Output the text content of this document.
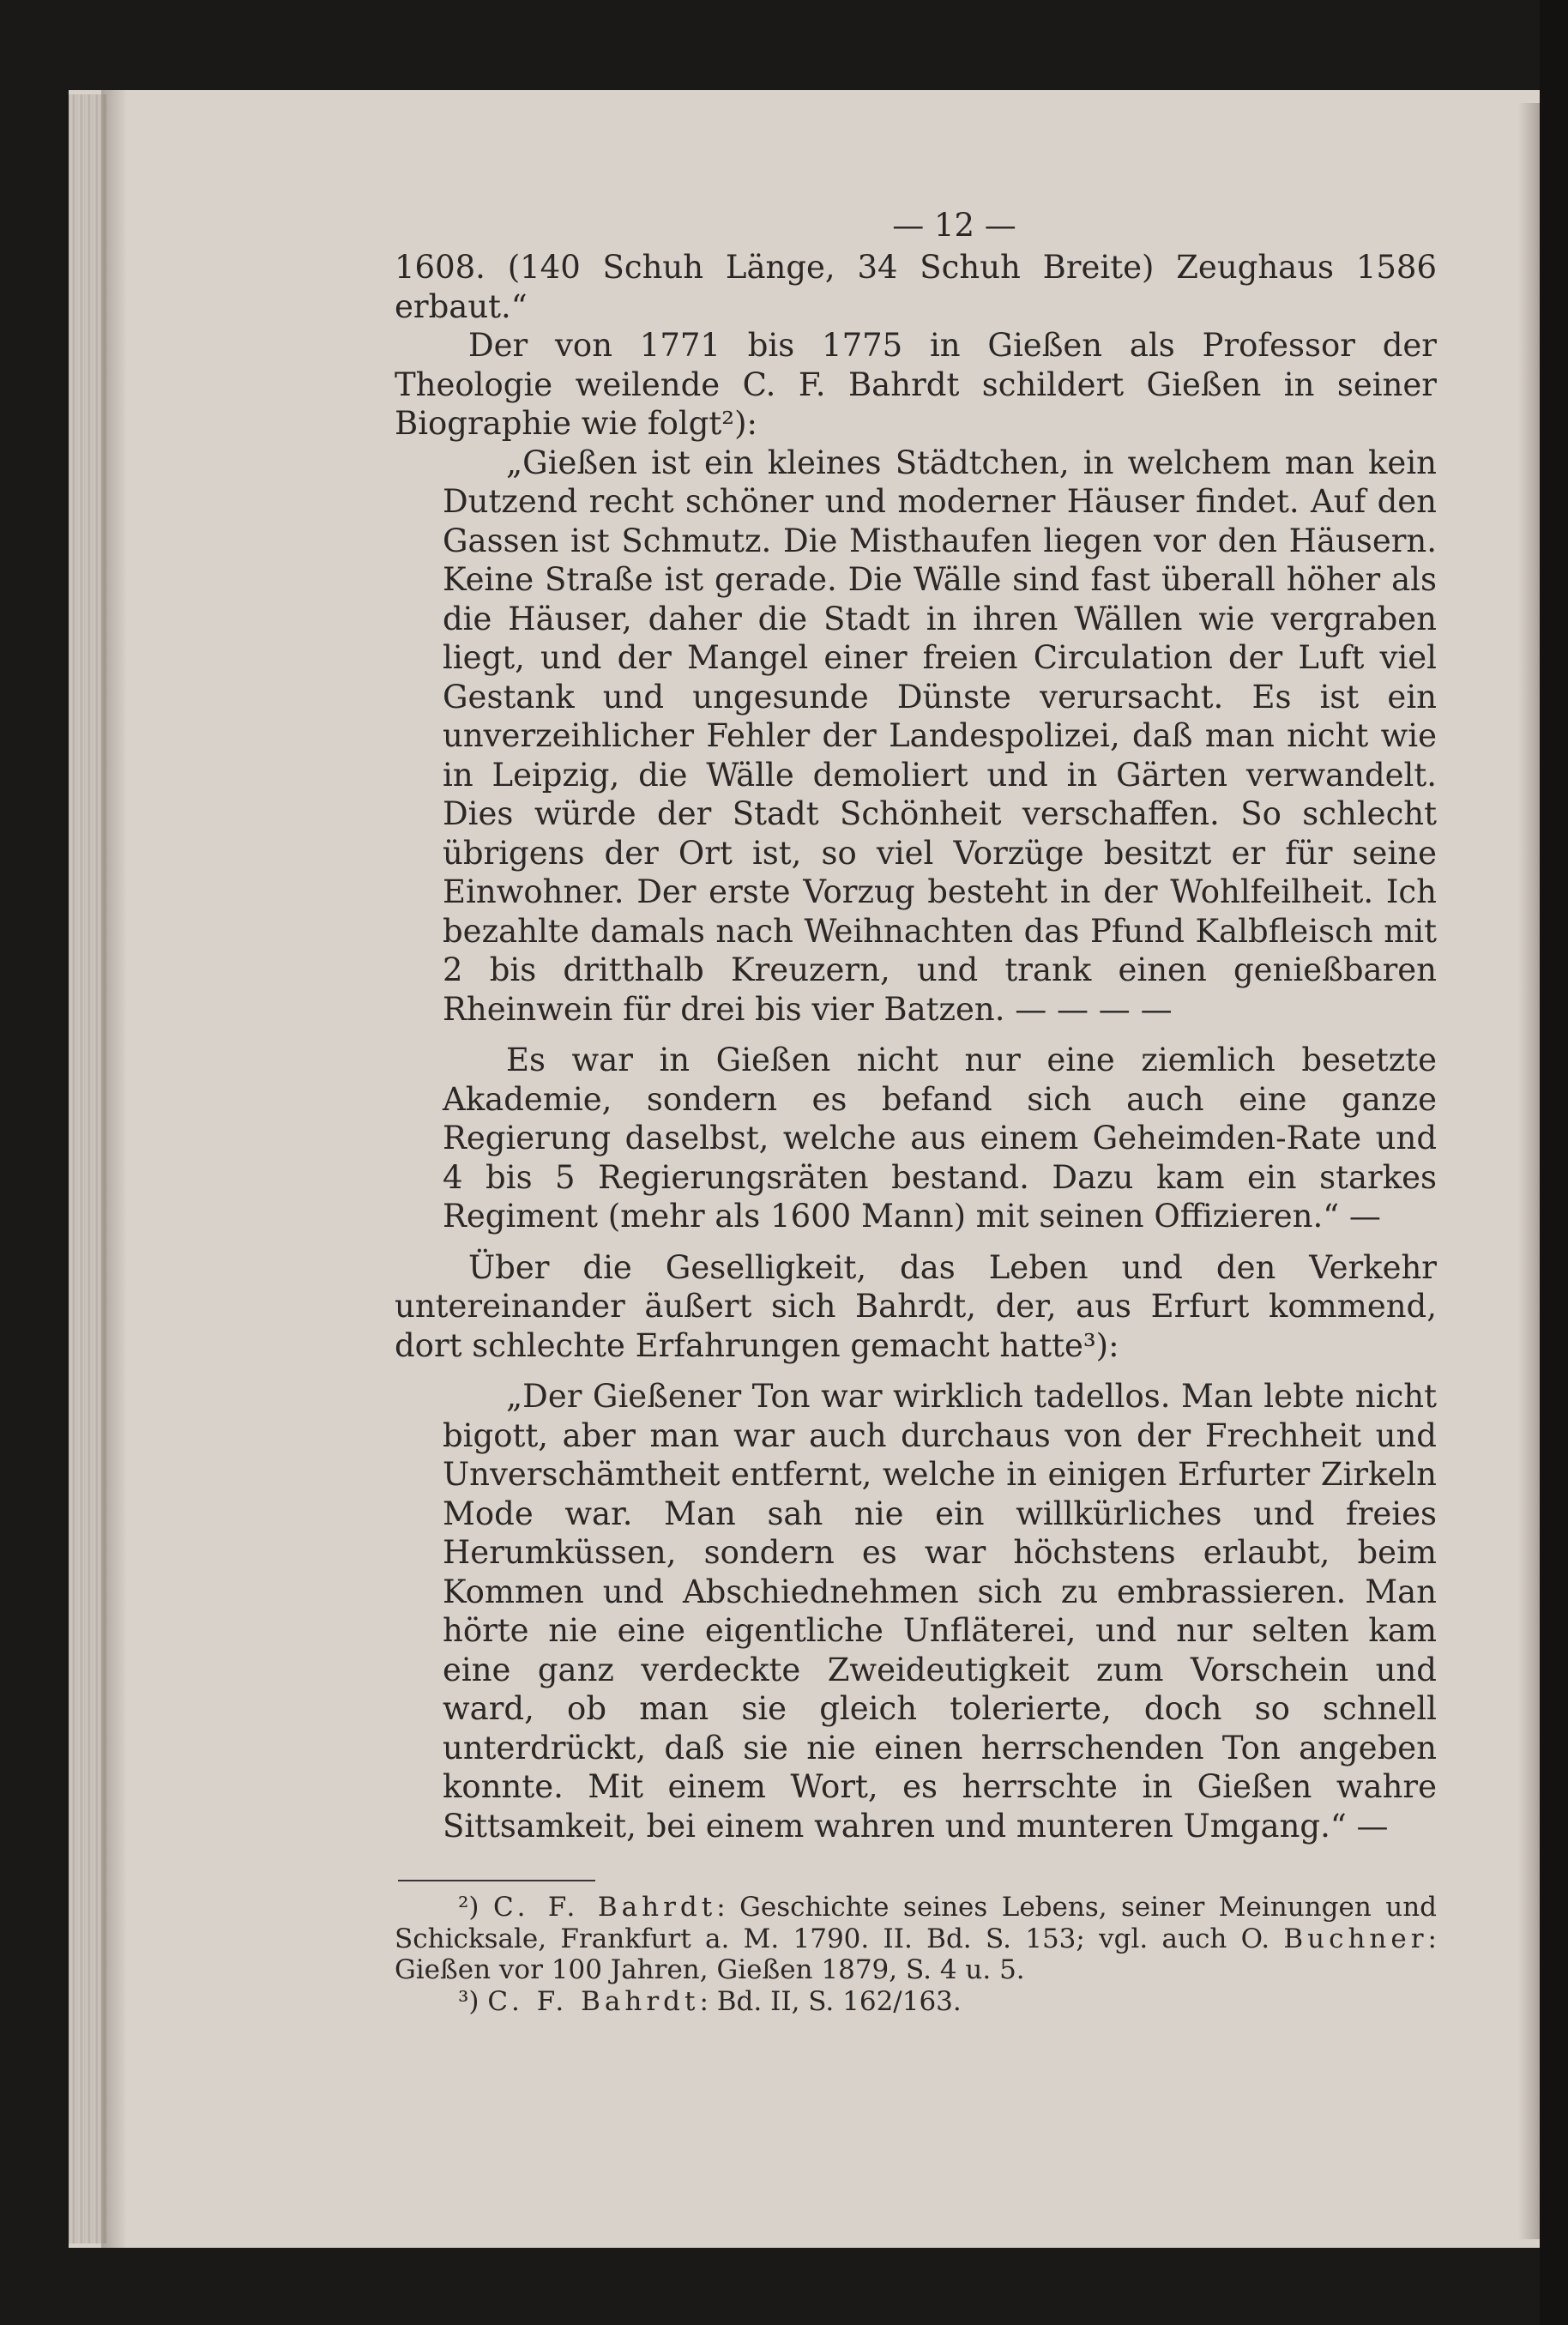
— 12 —

1608. (140 Schuh Länge, 34 Schuh Breite) Zeughaus 1586 erbaut.“

Der von 1771 bis 1775 in Gießen als Professor der Theologie weilende C. F. Bahrdt schildert Gießen in seiner Biographie wie folgt²):

„Gießen ist ein kleines Städtchen, in welchem man kein Dutzend recht schöner und moderner Häuser findet. Auf den Gassen ist Schmutz. Die Misthaufen liegen vor den Häusern. Keine Straße ist gerade. Die Wälle sind fast überall höher als die Häuser, daher die Stadt in ihren Wällen wie vergraben liegt, und der Mangel einer freien Circulation der Luft viel Gestank und ungesunde Dünste verursacht. Es ist ein unverzeihlicher Fehler der Landespolizei, daß man nicht wie in Leipzig, die Wälle demoliert und in Gärten verwandelt. Dies würde der Stadt Schönheit verschaffen. So schlecht übrigens der Ort ist, so viel Vorzüge besitzt er für seine Einwohner. Der erste Vorzug besteht in der Wohlfeilheit. Ich bezahlte damals nach Weihnachten das Pfund Kalbfleisch mit 2 bis dritthalb Kreuzern, und trank einen genießbaren Rheinwein für drei bis vier Batzen. — — — —

Es war in Gießen nicht nur eine ziemlich besetzte Akademie, sondern es befand sich auch eine ganze Regierung daselbst, welche aus einem Geheimden-Rate und 4 bis 5 Regierungsräten bestand. Dazu kam ein starkes Regiment (mehr als 1600 Mann) mit seinen Offizieren.“ —

Über die Geselligkeit, das Leben und den Verkehr untereinander äußert sich Bahrdt, der, aus Erfurt kommend, dort schlechte Erfahrungen gemacht hatte³):

„Der Gießener Ton war wirklich tadellos. Man lebte nicht bigott, aber man war auch durchaus von der Frechheit und Unverschämtheit entfernt, welche in einigen Erfurter Zirkeln Mode war. Man sah nie ein willkürliches und freies Herumküssen, sondern es war höchstens erlaubt, beim Kommen und Abschiednehmen sich zu embrassieren. Man hörte nie eine eigentliche Unfläterei, und nur selten kam eine ganz verdeckte Zweideutigkeit zum Vorschein und ward, ob man sie gleich tolerierte, doch so schnell unterdrückt, daß sie nie einen herrschenden Ton angeben konnte. Mit einem Wort, es herrschte in Gießen wahre Sittsamkeit, bei einem wahren und munteren Umgang.“ —

²) C. F. Bahrdt: Geschichte seines Lebens, seiner Meinungen und Schicksale, Frankfurt a. M. 1790. II. Bd. S. 153; vgl. auch O. Buchner: Gießen vor 100 Jahren, Gießen 1879, S. 4 u. 5.

³) C. F. Bahrdt: Bd. II, S. 162/163.
